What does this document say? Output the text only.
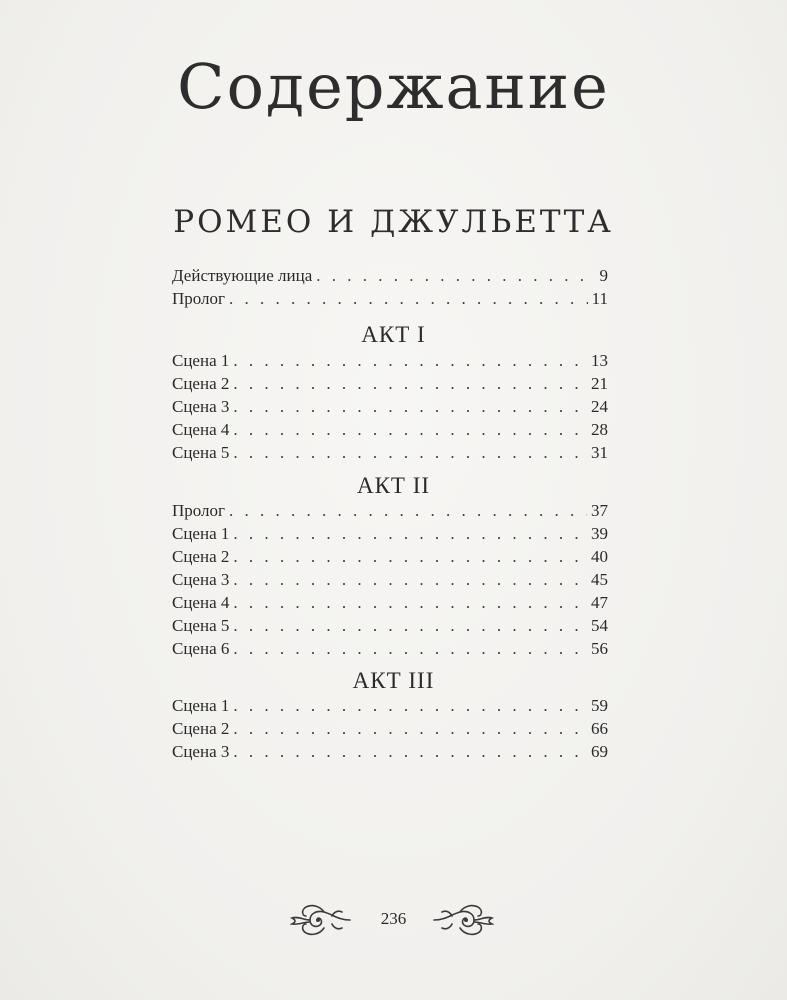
Содержание
РОМЕО И ДЖУЛЬЕТТА
Действующие лица . . .	9
Пролог . . .	11
АКТ I
Сцена 1 . . .	13
Сцена 2 . . .	21
Сцена 3 . . .	24
Сцена 4 . . .	28
Сцена 5 . . .	31
АКТ II
Пролог . . .	37
Сцена 1 . . .	39
Сцена 2 . . .	40
Сцена 3 . . .	45
Сцена 4 . . .	47
Сцена 5 . . .	54
Сцена 6 . . .	56
АКТ III
Сцена 1 . . .	59
Сцена 2 . . .	66
Сцена 3 . . .	69
236
